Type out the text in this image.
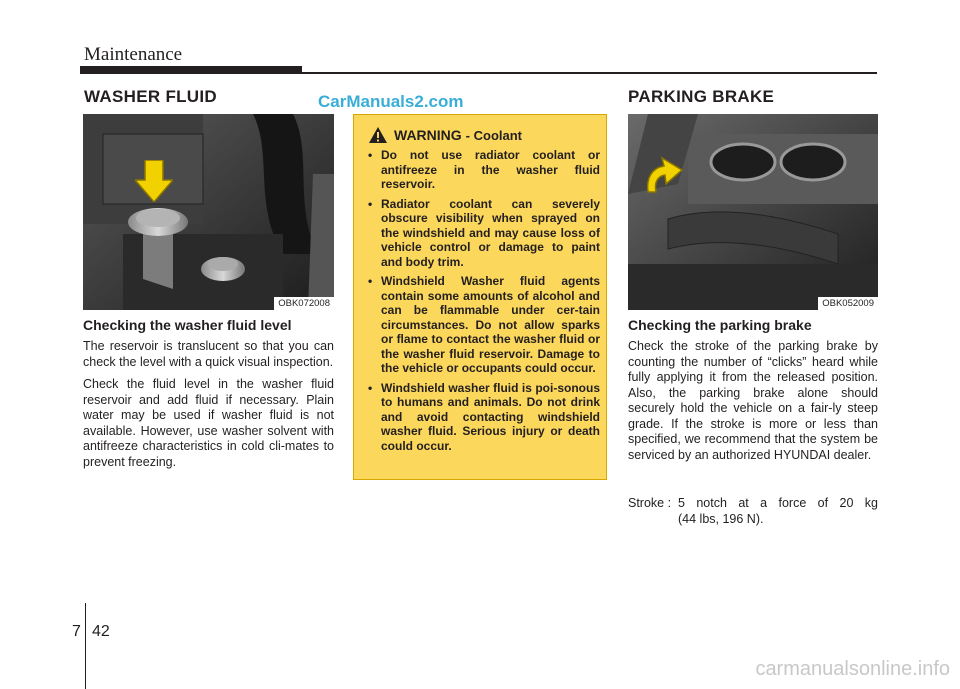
Maintenance
WASHER FLUID	CarManuals2.com
OBK072008
Checking the washer fluid level

The reservoir is translucent so that you can check the level with a quick visual inspection.

Check the fluid level in the washer fluid reservoir and add fluid if necessary. Plain water may be used if washer fluid is not available. However, use washer solvent with antifreeze characteristics in cold cli-mates to prevent freezing.

WARNING - Coolant
• Do not use radiator coolant or antifreeze in the washer fluid reservoir.
• Radiator coolant can severely obscure visibility when sprayed on the windshield and may cause loss of vehicle control or damage to paint and body trim.
• Windshield Washer fluid agents contain some amounts of alcohol and can be flammable under cer-tain circumstances. Do not allow sparks or flame to contact the washer fluid or the washer fluid reservoir. Damage to the vehicle or occupants could occur.
• Windshield washer fluid is poi-sonous to humans and animals. Do not drink and avoid contacting windshield washer fluid. Serious injury or death could occur.
PARKING BRAKE
OBK052009
Checking the parking brake

Check the stroke of the parking brake by counting the number of “clicks” heard while fully applying it from the released position. Also, the parking brake alone should securely hold the vehicle on a fair-ly steep grade. If the stroke is more or less than specified, we recommend that the system be serviced by an authorized HYUNDAI dealer.

Stroke : 5 notch at a force of 20 kg
(44 lbs, 196 N).
7 42
carmanualsonline.info
